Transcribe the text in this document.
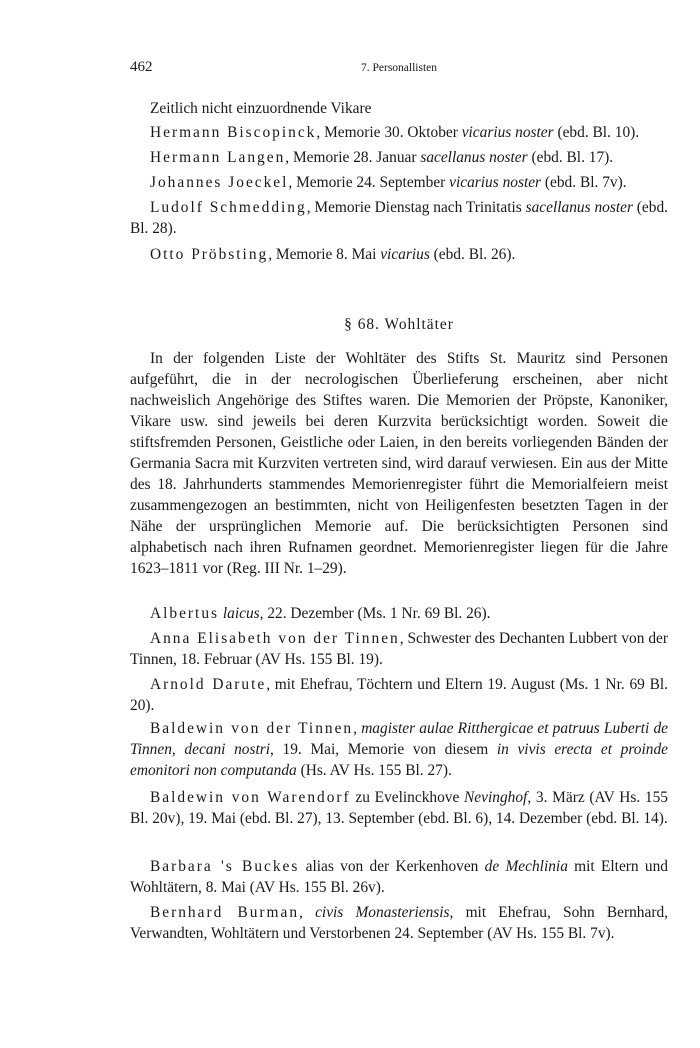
462	7. Personallisten

Zeitlich nicht einzuordnende Vikare

Hermann Biscopinck, Memorie 30. Oktober vicarius noster (ebd. Bl. 10).

Hermann Langen, Memorie 28. Januar sacellanus noster (ebd. Bl. 17).

Johannes Joeckel, Memorie 24. September vicarius noster (ebd. Bl. 7v).

Ludolf Schmedding, Memorie Dienstag nach Trinitatis sacellanus noster (ebd. Bl. 28).

Otto Pröbsting, Memorie 8. Mai vicarius (ebd. Bl. 26).

§ 68. Wohltäter

In der folgenden Liste der Wohltäter des Stifts St. Mauritz sind Personen aufgeführt, die in der necrologischen Überlieferung erscheinen, aber nicht nachweislich Angehörige des Stiftes waren. Die Memorien der Pröpste, Kanoniker, Vikare usw. sind jeweils bei deren Kurzvita berücksichtigt worden. Soweit die stiftsfremden Personen, Geistliche oder Laien, in den bereits vorliegenden Bänden der Germania Sacra mit Kurzviten vertreten sind, wird darauf verwiesen. Ein aus der Mitte des 18. Jahrhunderts stammendes Memorienregister führt die Memorialfeiern meist zusammengezogen an bestimmten, nicht von Heiligenfesten besetzten Tagen in der Nähe der ursprünglichen Memorie auf. Die berücksichtigten Personen sind alphabetisch nach ihren Rufnamen geordnet. Memorienregister liegen für die Jahre 1623–1811 vor (Reg. III Nr. 1–29).

Albertus laicus, 22. Dezember (Ms. 1 Nr. 69 Bl. 26).

Anna Elisabeth von der Tinnen, Schwester des Dechanten Lubbert von der Tinnen, 18. Februar (AV Hs. 155 Bl. 19).

Arnold Darute, mit Ehefrau, Töchtern und Eltern 19. August (Ms. 1 Nr. 69 Bl. 20).

Baldewin von der Tinnen, magister aulae Ritthergicae et patruus Luberti de Tinnen, decani nostri, 19. Mai, Memorie von diesem in vivis erecta et proinde emonitori non computanda (Hs. AV Hs. 155 Bl. 27).

Baldewin von Warendorf zu Evelinckhove Nevinghof, 3. März (AV Hs. 155 Bl. 20v), 19. Mai (ebd. Bl. 27), 13. September (ebd. Bl. 6), 14. Dezember (ebd. Bl. 14).

Barbara 's Buckes alias von der Kerkenhoven de Mechlinia mit Eltern und Wohltätern, 8. Mai (AV Hs. 155 Bl. 26v).

Bernhard Burman, civis Monasteriensis, mit Ehefrau, Sohn Bernhard, Verwandten, Wohltätern und Verstorbenen 24. September (AV Hs. 155 Bl. 7v).
